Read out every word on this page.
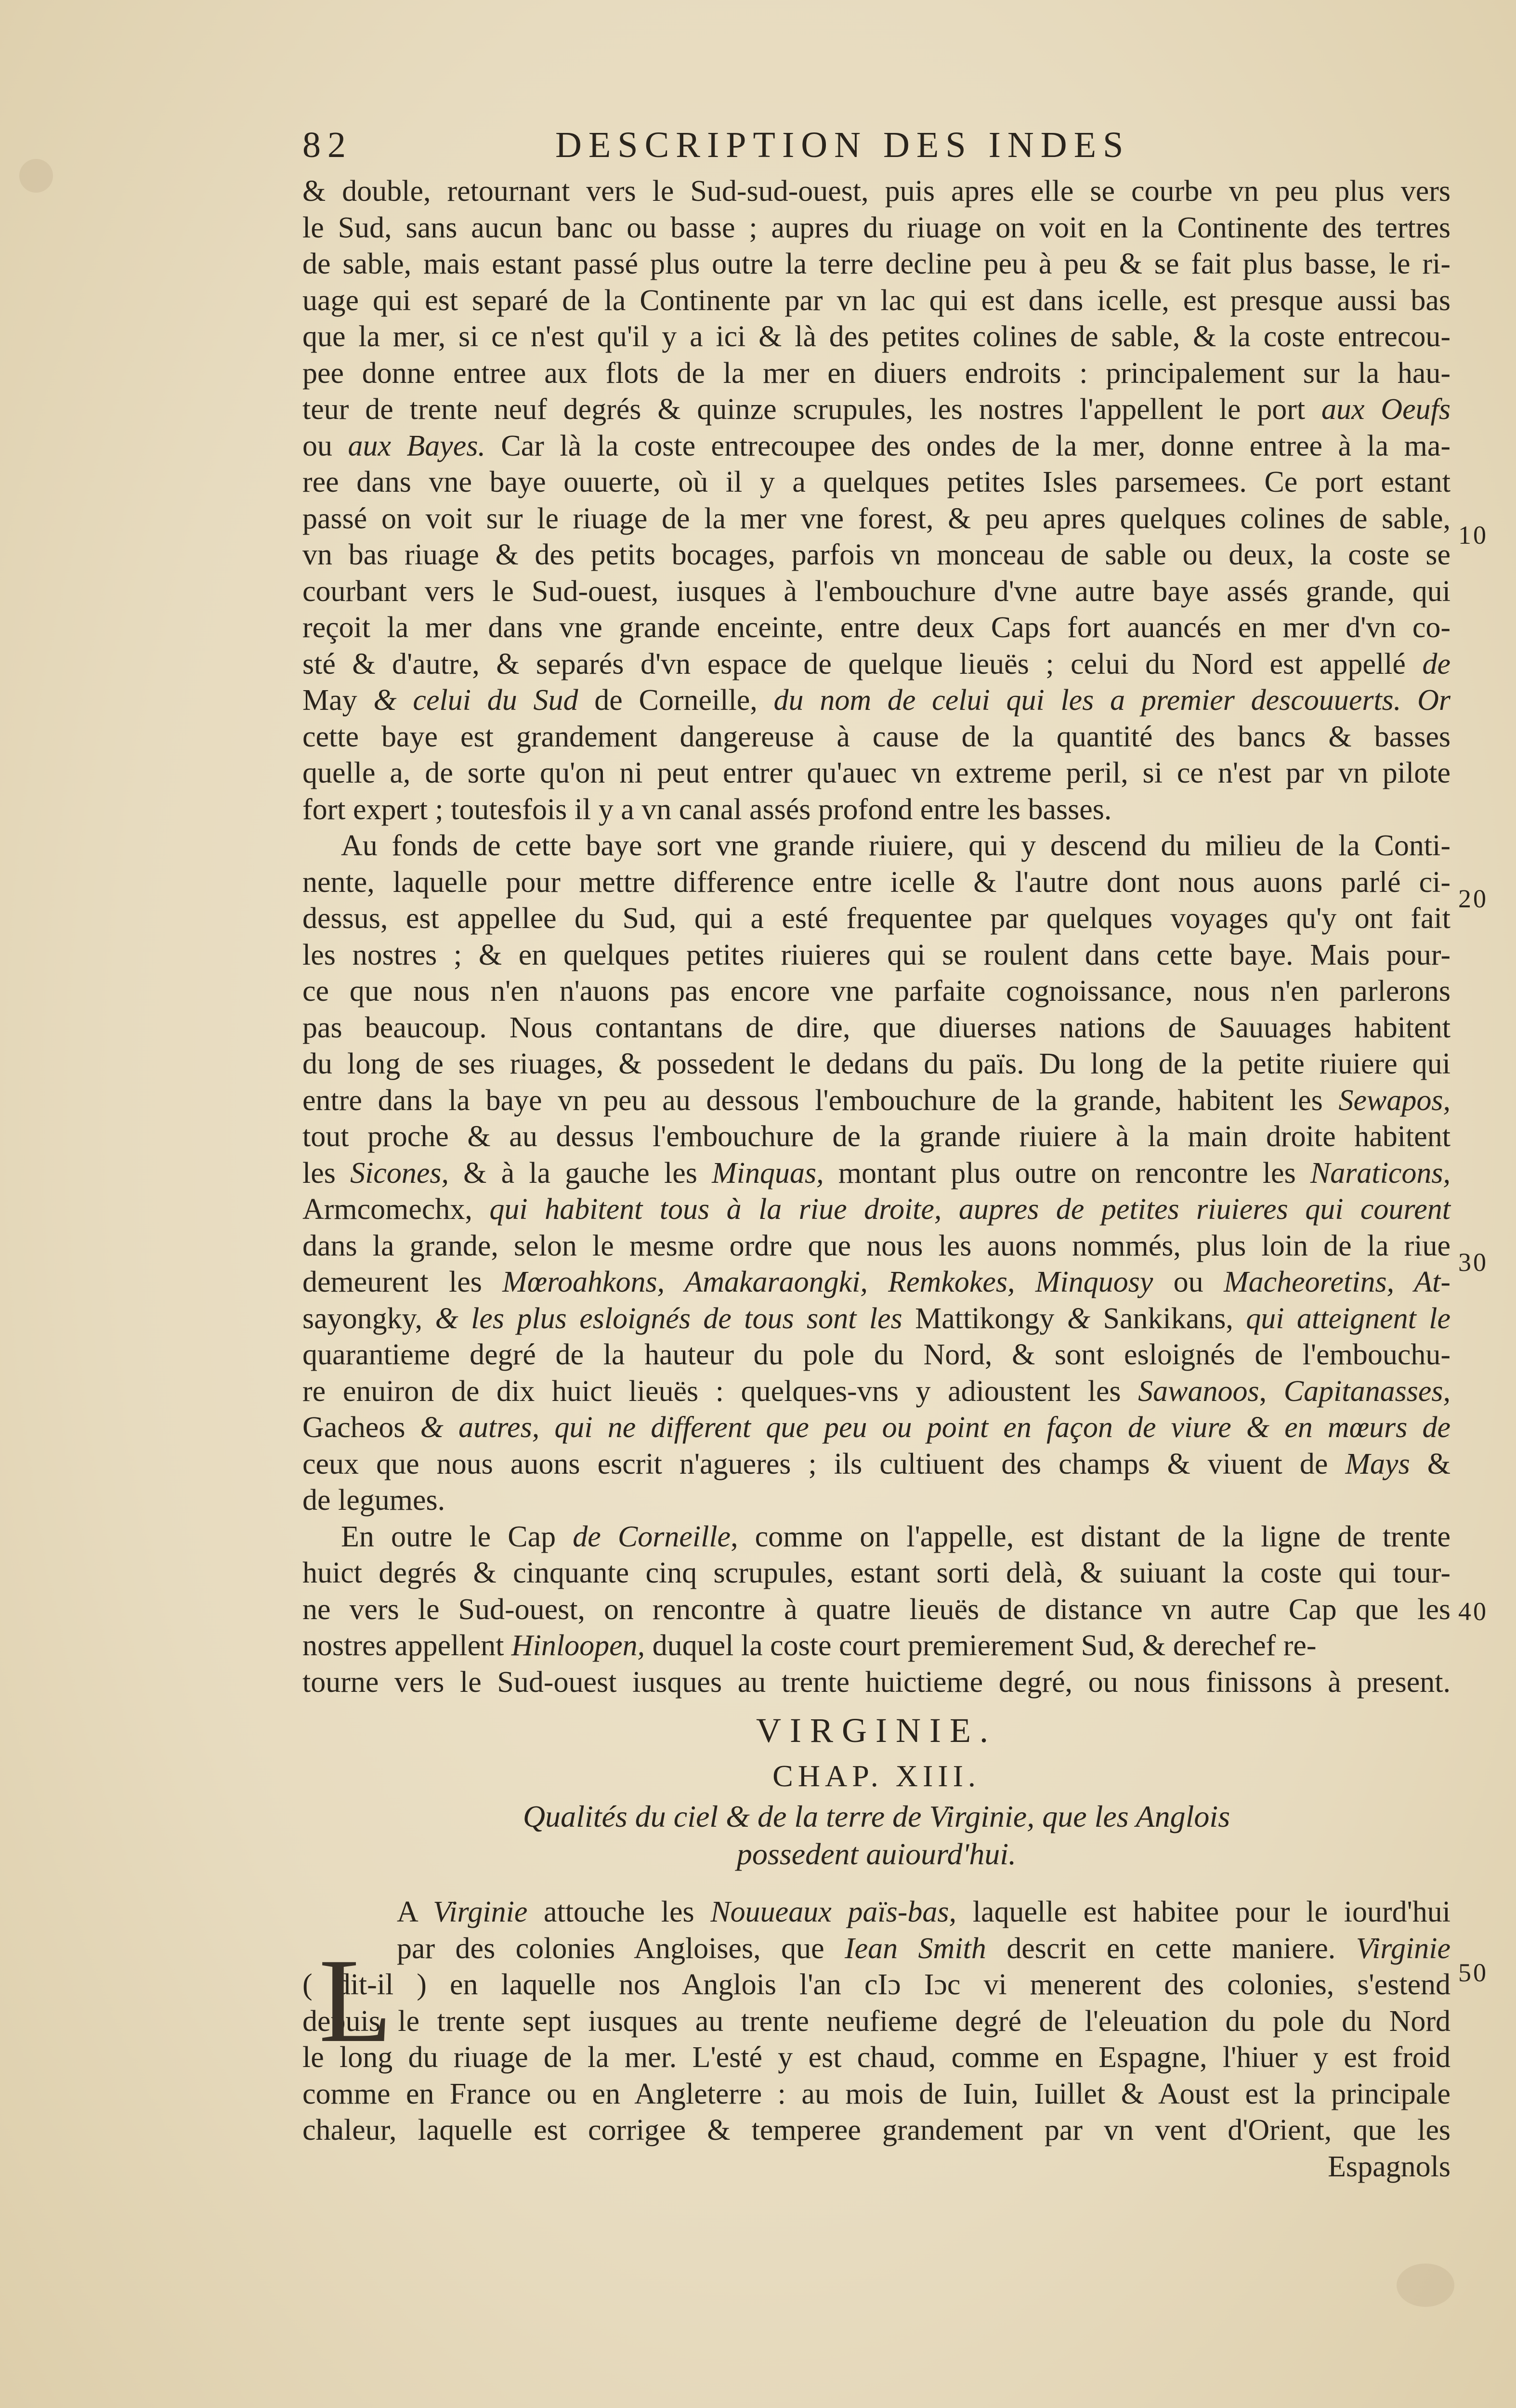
82	DESCRIPTION DES INDES
10
20
30
40
50
& double, retournant vers le Sud-sud-ouest, puis apres elle se courbe vn peu plus vers
le Sud, sans aucun banc ou basse ; aupres du riuage on voit en la Continente des tertres
de sable, mais estant passé plus outre la terre decline peu à peu & se fait plus basse, le ri-
uage qui est separé de la Continente par vn lac qui est dans icelle, est presque aussi bas
que la mer, si ce n'est qu'il y a ici & là des petites colines de sable, & la coste entrecou-
pee donne entree aux flots de la mer en diuers endroits : principalement sur la hau-
teur de trente neuf degrés & quinze scrupules, les nostres l'appellent le port aux Oeufs
ou aux Bayes. Car là la coste entrecoupee des ondes de la mer, donne entree à la ma-
ree dans vne baye ouuerte, où il y a quelques petites Isles parsemees. Ce port estant
passé on voit sur le riuage de la mer vne forest, & peu apres quelques colines de sable,
vn bas riuage & des petits bocages, parfois vn monceau de sable ou deux, la coste se
courbant vers le Sud-ouest, iusques à l'embouchure d'vne autre baye assés grande, qui
reçoit la mer dans vne grande enceinte, entre deux Caps fort auancés en mer d'vn co-
sté & d'autre, & separés d'vn espace de quelque lieuës ; celui du Nord est appellé de
May & celui du Sud de Corneille, du nom de celui qui les a premier descouuerts. Or
cette baye est grandement dangereuse à cause de la quantité des bancs & basses
quelle a, de sorte qu'on ni peut entrer qu'auec vn extreme peril, si ce n'est par vn pilote
fort expert ; toutesfois il y a vn canal assés profond entre les basses.
Au fonds de cette baye sort vne grande riuiere, qui y descend du milieu de la Conti-
nente, laquelle pour mettre difference entre icelle & l'autre dont nous auons parlé ci-
dessus, est appellee du Sud, qui a esté frequentee par quelques voyages qu'y ont fait
les nostres ; & en quelques petites riuieres qui se roulent dans cette baye. Mais pour-
ce que nous n'en n'auons pas encore vne parfaite cognoissance, nous n'en parlerons
pas beaucoup. Nous contantans de dire, que diuerses nations de Sauuages habitent
du long de ses riuages, & possedent le dedans du païs. Du long de la petite riuiere qui
entre dans la baye vn peu au dessous l'embouchure de la grande, habitent les Sewapos,
tout proche & au dessus l'embouchure de la grande riuiere à la main droite habitent
les Sicones, & à la gauche les Minquas, montant plus outre on rencontre les Naraticons,
Armcomechx, qui habitent tous à la riue droite, aupres de petites riuieres qui courent
dans la grande, selon le mesme ordre que nous les auons nommés, plus loin de la riue
demeurent les Mœroahkons, Amakaraongki, Remkokes, Minquosy ou Macheoretins, At-
sayongky, & les plus esloignés de tous sont les Mattikongy & Sankikans, qui atteignent le
quarantieme degré de la hauteur du pole du Nord, & sont esloignés de l'embouchu-
re enuiron de dix huict lieuës : quelques-vns y adioustent les Sawanoos, Capitanasses,
Gacheos & autres, qui ne different que peu ou point en façon de viure & en mœurs de
ceux que nous auons escrit n'agueres ; ils cultiuent des champs & viuent de Mays &
de legumes.
En outre le Cap de Corneille, comme on l'appelle, est distant de la ligne de trente
huict degrés & cinquante cinq scrupules, estant sorti delà, & suiuant la coste qui tour-
ne vers le Sud-ouest, on rencontre à quatre lieuës de distance vn autre Cap que les
nostres appellent Hinloopen, duquel la coste court premierement Sud, & derechef re-
tourne vers le Sud-ouest iusques au trente huictieme degré, ou nous finissons à present.
VIRGINIE.
CHAP. XIII.
Qualités du ciel & de la terre de Virginie, que les Anglois
possedent auiourd'hui.
A Virginie attouche les Nouueaux païs-bas, laquelle est habitee pour le iourd'hui
par des colonies Angloises, que Iean Smith descrit en cette maniere. Virginie
( dit-il ) en laquelle nos Anglois l'an cIɔ Iɔc vi menerent des colonies, s'estend
depuis le trente sept iusques au trente neufieme degré de l'eleuation du pole du Nord
le long du riuage de la mer. L'esté y est chaud, comme en Espagne, l'hiuer y est froid
comme en France ou en Angleterre : au mois de Iuin, Iuillet & Aoust est la principale
chaleur, laquelle est corrigee & temperee grandement par vn vent d'Orient, que les
Espagnols
L
